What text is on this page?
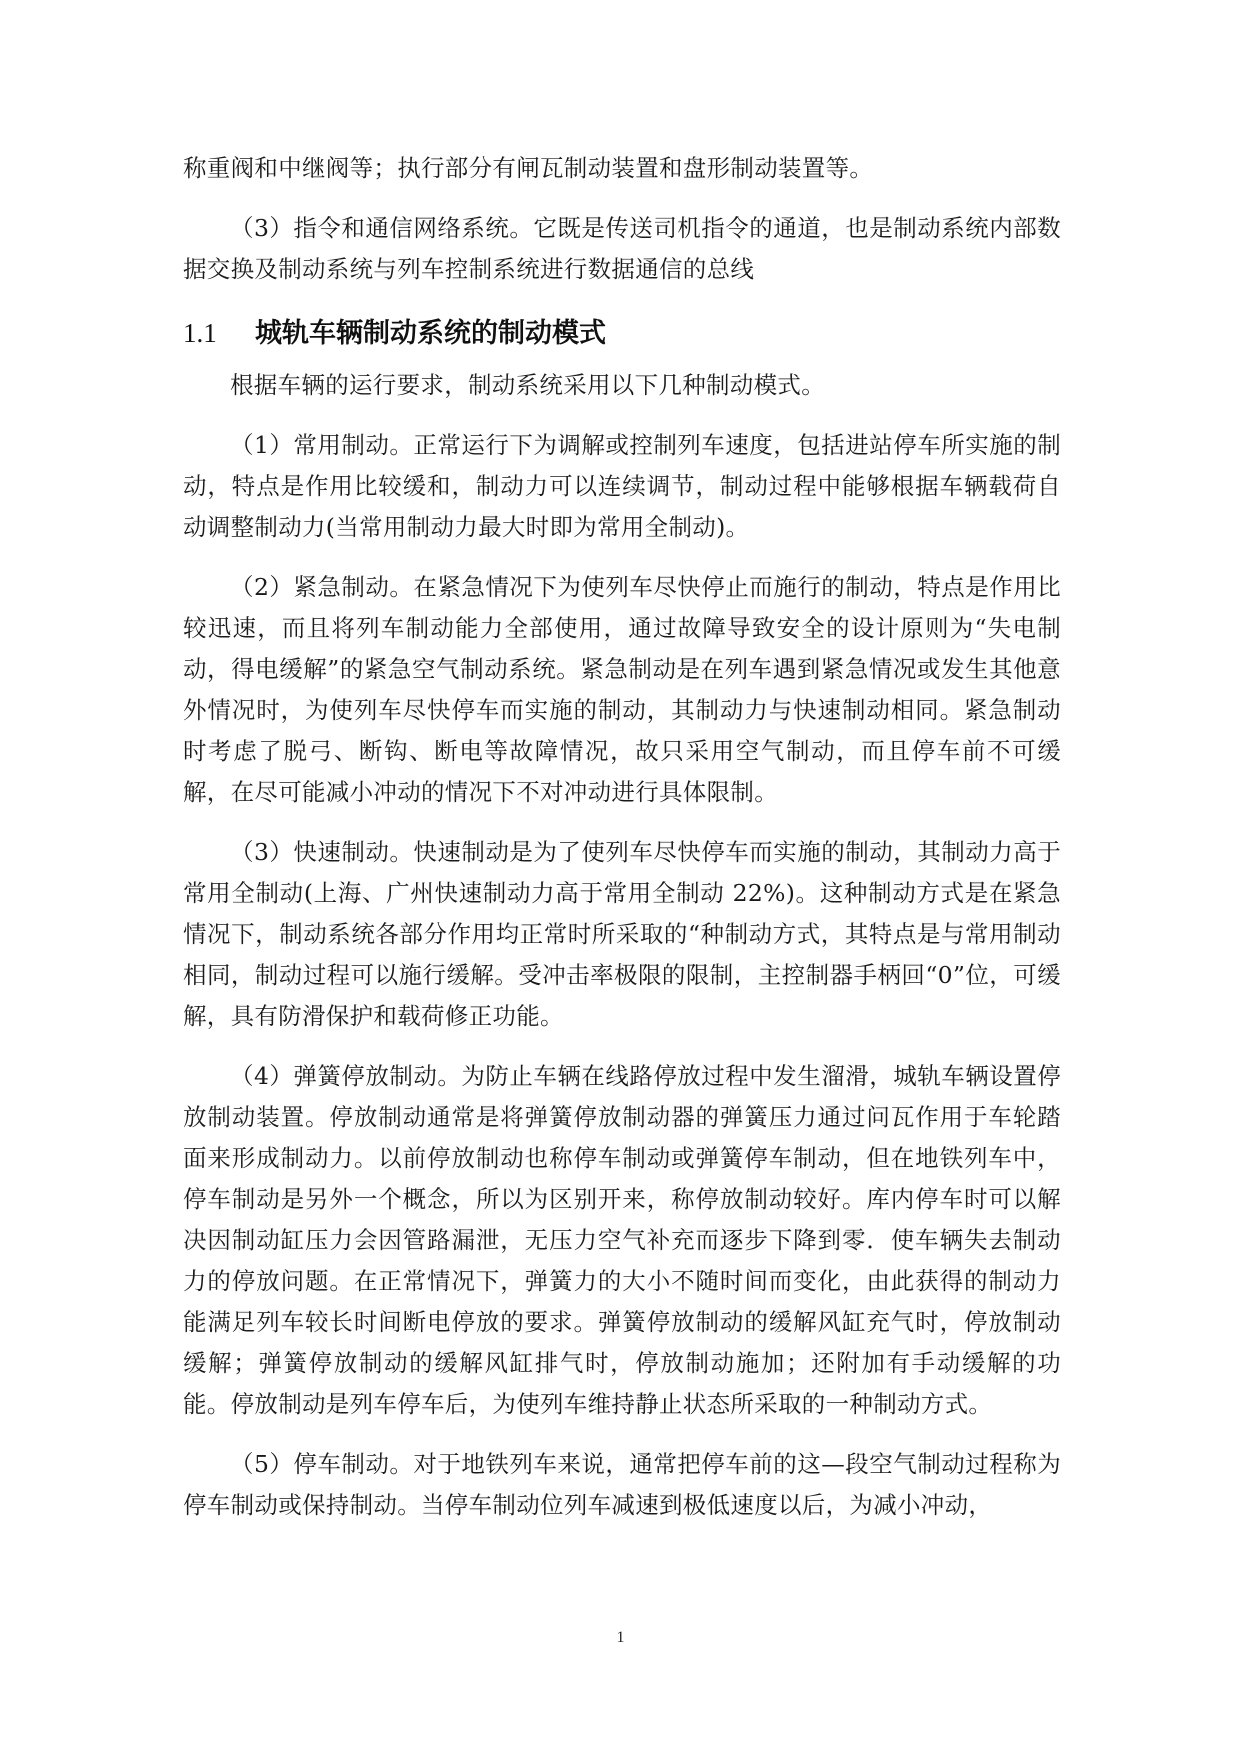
称重阀和中继阀等；执行部分有闸瓦制动装置和盘形制动装置等。

（3）指令和通信网络系统。它既是传送司机指令的通道，也是制动系统内部数据交换及制动系统与列车控制系统进行数据通信的总线

1.1 城轨车辆制动系统的制动模式

根据车辆的运行要求，制动系统采用以下几种制动模式。

（1）常用制动。正常运行下为调解或控制列车速度，包括进站停车所实施的制动，特点是作用比较缓和，制动力可以连续调节，制动过程中能够根据车辆载荷自动调整制动力(当常用制动力最大时即为常用全制动)。

（2）紧急制动。在紧急情况下为使列车尽快停止而施行的制动，特点是作用比较迅速，而且将列车制动能力全部使用，通过故障导致安全的设计原则为“失电制动，得电缓解”的紧急空气制动系统。紧急制动是在列车遇到紧急情况或发生其他意外情况时，为使列车尽快停车而实施的制动，其制动力与快速制动相同。紧急制动时考虑了脱弓、断钩、断电等故障情况，故只采用空气制动，而且停车前不可缓解，在尽可能减小冲动的情况下不对冲动进行具体限制。

（3）快速制动。快速制动是为了使列车尽快停车而实施的制动，其制动力高于常用全制动(上海、广州快速制动力高于常用全制动 22%)。这种制动方式是在紧急情况下，制动系统各部分作用均正常时所采取的“种制动方式，其特点是与常用制动相同，制动过程可以施行缓解。受冲击率极限的限制，主控制器手柄回“0”位，可缓解，具有防滑保护和载荷修正功能。

（4）弹簧停放制动。为防止车辆在线路停放过程中发生溜滑，城轨车辆设置停放制动装置。停放制动通常是将弹簧停放制动器的弹簧压力通过问瓦作用于车轮踏面来形成制动力。以前停放制动也称停车制动或弹簧停车制动，但在地铁列车中，停车制动是另外一个概念，所以为区别开来，称停放制动较好。库内停车时可以解决因制动缸压力会因管路漏泄，无压力空气补充而逐步下降到零．使车辆失去制动力的停放问题。在正常情况下，弹簧力的大小不随时间而变化，由此获得的制动力能满足列车较长时间断电停放的要求。弹簧停放制动的缓解风缸充气时，停放制动缓解；弹簧停放制动的缓解风缸排气时，停放制动施加；还附加有手动缓解的功能。停放制动是列车停车后，为使列车维持静止状态所采取的一种制动方式。

（5）停车制动。对于地铁列车来说，通常把停车前的这—段空气制动过程称为停车制动或保持制动。当停车制动位列车减速到极低速度以后，为减小冲动，

1
